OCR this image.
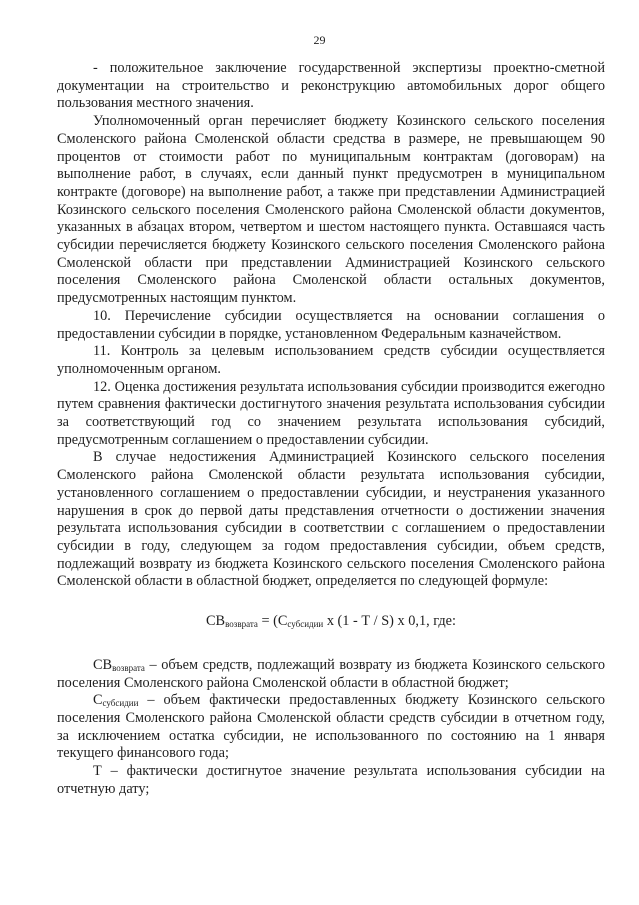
29

- положительное заключение государственной экспертизы проектно-сметной документации на строительство и реконструкцию автомобильных дорог общего пользования местного значения.

Уполномоченный орган перечисляет бюджету Козинского сельского поселения Смоленского района Смоленской области средства в размере, не превышающем 90 процентов от стоимости работ по муниципальным контрактам (договорам) на выполнение работ, в случаях, если данный пункт предусмотрен в муниципальном контракте (договоре) на выполнение работ, а также при представлении Администрацией Козинского сельского поселения Смоленского района Смоленской области документов, указанных в абзацах втором, четвертом и шестом настоящего пункта. Оставшаяся часть субсидии перечисляется бюджету Козинского сельского поселения Смоленского района Смоленской области при представлении Администрацией Козинского сельского поселения Смоленского района Смоленской области остальных документов, предусмотренных настоящим пунктом.

10. Перечисление субсидии осуществляется на основании соглашения о предоставлении субсидии в порядке, установленном Федеральным казначейством.

11. Контроль за целевым использованием средств субсидии осуществляется уполномоченным органом.

12. Оценка достижения результата использования субсидии производится ежегодно путем сравнения фактически достигнутого значения результата использования субсидии за соответствующий год со значением результата использования субсидий, предусмотренным соглашением о предоставлении субсидии.

В случае недостижения Администрацией Козинского сельского поселения Смоленского района Смоленской области результата использования субсидии, установленного соглашением о предоставлении субсидии, и неустранения указанного нарушения в срок до первой даты представления отчетности о достижении значения результата использования субсидии в соответствии с соглашением о предоставлении субсидии в году, следующем за годом предоставления субсидии, объем средств, подлежащий возврату из бюджета Козинского сельского поселения Смоленского района Смоленской области в областной бюджет, определяется по следующей формуле:

$СВ_{возврата} = (С_{субсидии}$ x (1 - Т / S) x 0,1, где:

$СВ_{возврата}$ – объем средств, подлежащий возврату из бюджета Козинского сельского поселения Смоленского района Смоленской области в областной бюджет;

$С_{субсидии}$ – объем фактически предоставленных бюджету Козинского сельского поселения Смоленского района Смоленской области средств субсидии в отчетном году, за исключением остатка субсидии, не использованного по состоянию на 1 января текущего финансового года;

Т – фактически достигнутое значение результата использования субсидии на отчетную дату;
